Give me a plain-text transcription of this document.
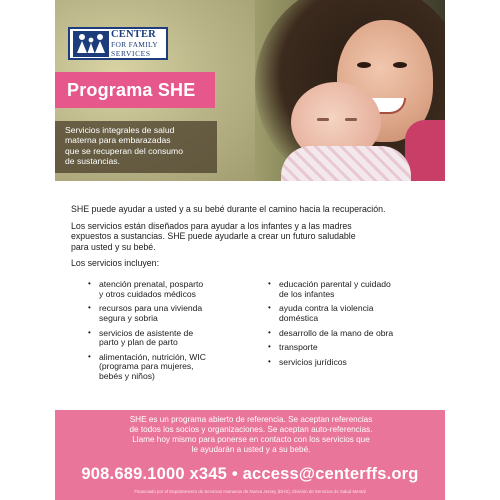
CENTER
FOR FAMILY
SERVICES
Programa SHE
Servicios integrales de salud
materna para embarazadas
que se recuperan del consumo
de sustancias.

SHE puede ayudar a usted y a su bebé durante el camino hacia la recuperación.

Los servicios están diseñados para ayudar a los infantes y a las madres
expuestos a sustancias. SHE puede ayudarle a crear un futuro saludable
para usted y su bebé.

Los servicios incluyen:

• atención prenatal, posparto
y otros cuidados médicos
• recursos para una vivienda
segura y sobria
• servicios de asistente de
parto y plan de parto
• alimentación, nutrición, WIC
(programa para mujeres,
bebés y niños)
• educación parental y cuidado
de los infantes
• ayuda contra la violencia
doméstica
• desarrollo de la mano de obra
• transporte
• servicios jurídicos
SHE es un programa abierto de referencia. Se aceptan referencias
de todos los socios y organizaciones. Se aceptan auto-referencias.
Llame hoy mismo para ponerse en contacto con los servicios que
le ayudarán a usted y a su bebé.
908.689.1000 x345 • access@centerffs.org
Financiado por el Departamento de Servicios Humanos de Nueva Jersey (DHS), División de Servicios de Salud Mental
